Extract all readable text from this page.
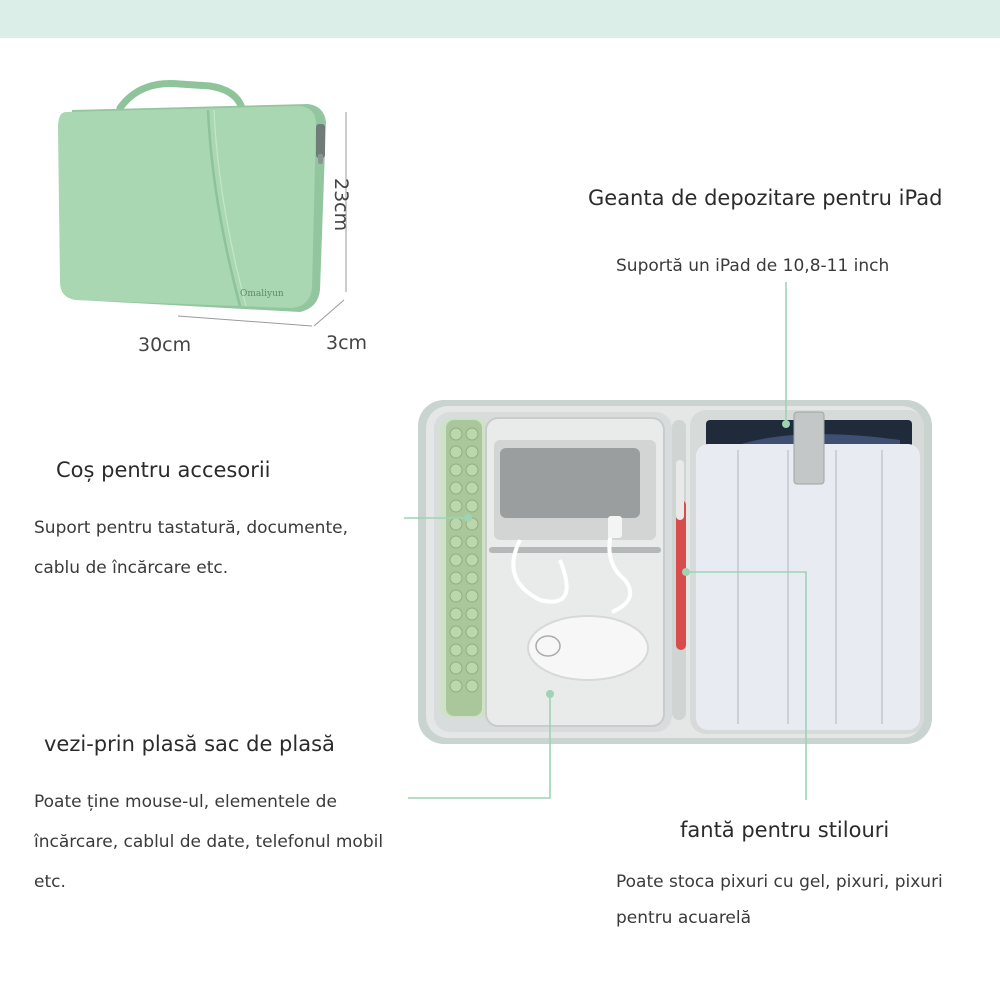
Omaliyun
23cm
30cm	3cm
Geanta de depozitare pentru iPad
Suportă un iPad de 10,8-11 inch
Coș pentru accesorii
Suport pentru tastatură, documente,
cablu de încărcare etc.
vezi-prin plasă sac de plasă
Poate ține mouse-ul, elementele de
încărcare, cablul de date, telefonul mobil
etc.
fantă pentru stilouri
Poate stoca pixuri cu gel, pixuri, pixuri
pentru acuarelă
